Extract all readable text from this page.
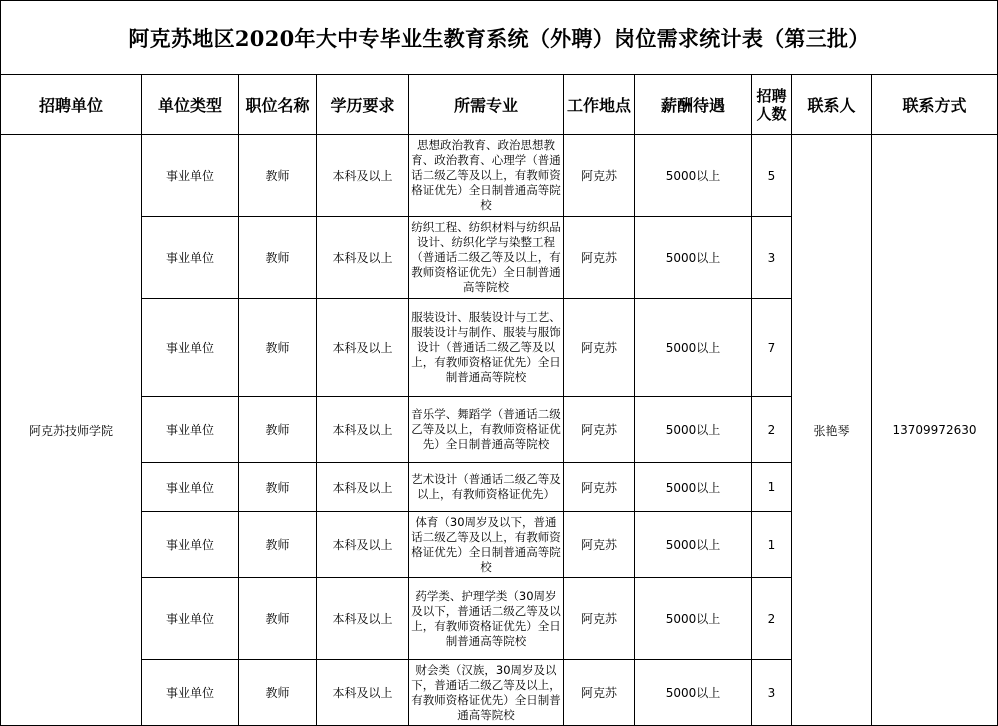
阿克苏地区2020年大中专毕业生教育系统（外聘）岗位需求统计表（第三批）
招聘单位	单位类型	职位名称	学历要求	所需专业	工作地点	薪酬待遇	招聘人数	联系人	联系方式
阿克苏技师学院	事业单位	教师	本科及以上	思想政治教育、政治思想教育、政治教育、心理学（普通话二级乙等及以上，有教师资格证优先）全日制普通高等院校	阿克苏	5000以上	5	张艳琴	13709972630
	事业单位	教师	本科及以上	纺织工程、纺织材料与纺织品设计、纺织化学与染整工程（普通话二级乙等及以上，有教师资格证优先）全日制普通高等院校	阿克苏	5000以上	3		
	事业单位	教师	本科及以上	服装设计、服装设计与工艺、服装设计与制作、服装与服饰设计（普通话二级乙等及以上，有教师资格证优先）全日制普通高等院校	阿克苏	5000以上	7		
	事业单位	教师	本科及以上	音乐学、舞蹈学（普通话二级乙等及以上，有教师资格证优先）全日制普通高等院校	阿克苏	5000以上	2		
	事业单位	教师	本科及以上	艺术设计（普通话二级乙等及以上，有教师资格证优先）	阿克苏	5000以上	1		
	事业单位	教师	本科及以上	体育（30周岁及以下，普通话二级乙等及以上，有教师资格证优先）全日制普通高等院校	阿克苏	5000以上	1		
	事业单位	教师	本科及以上	药学类、护理学类（30周岁及以下，普通话二级乙等及以上，有教师资格证优先）全日制普通高等院校	阿克苏	5000以上	2		
	事业单位	教师	本科及以上	财会类（汉族，30周岁及以下，普通话二级乙等及以上，有教师资格证优先）全日制普通高等院校	阿克苏	5000以上	3		
